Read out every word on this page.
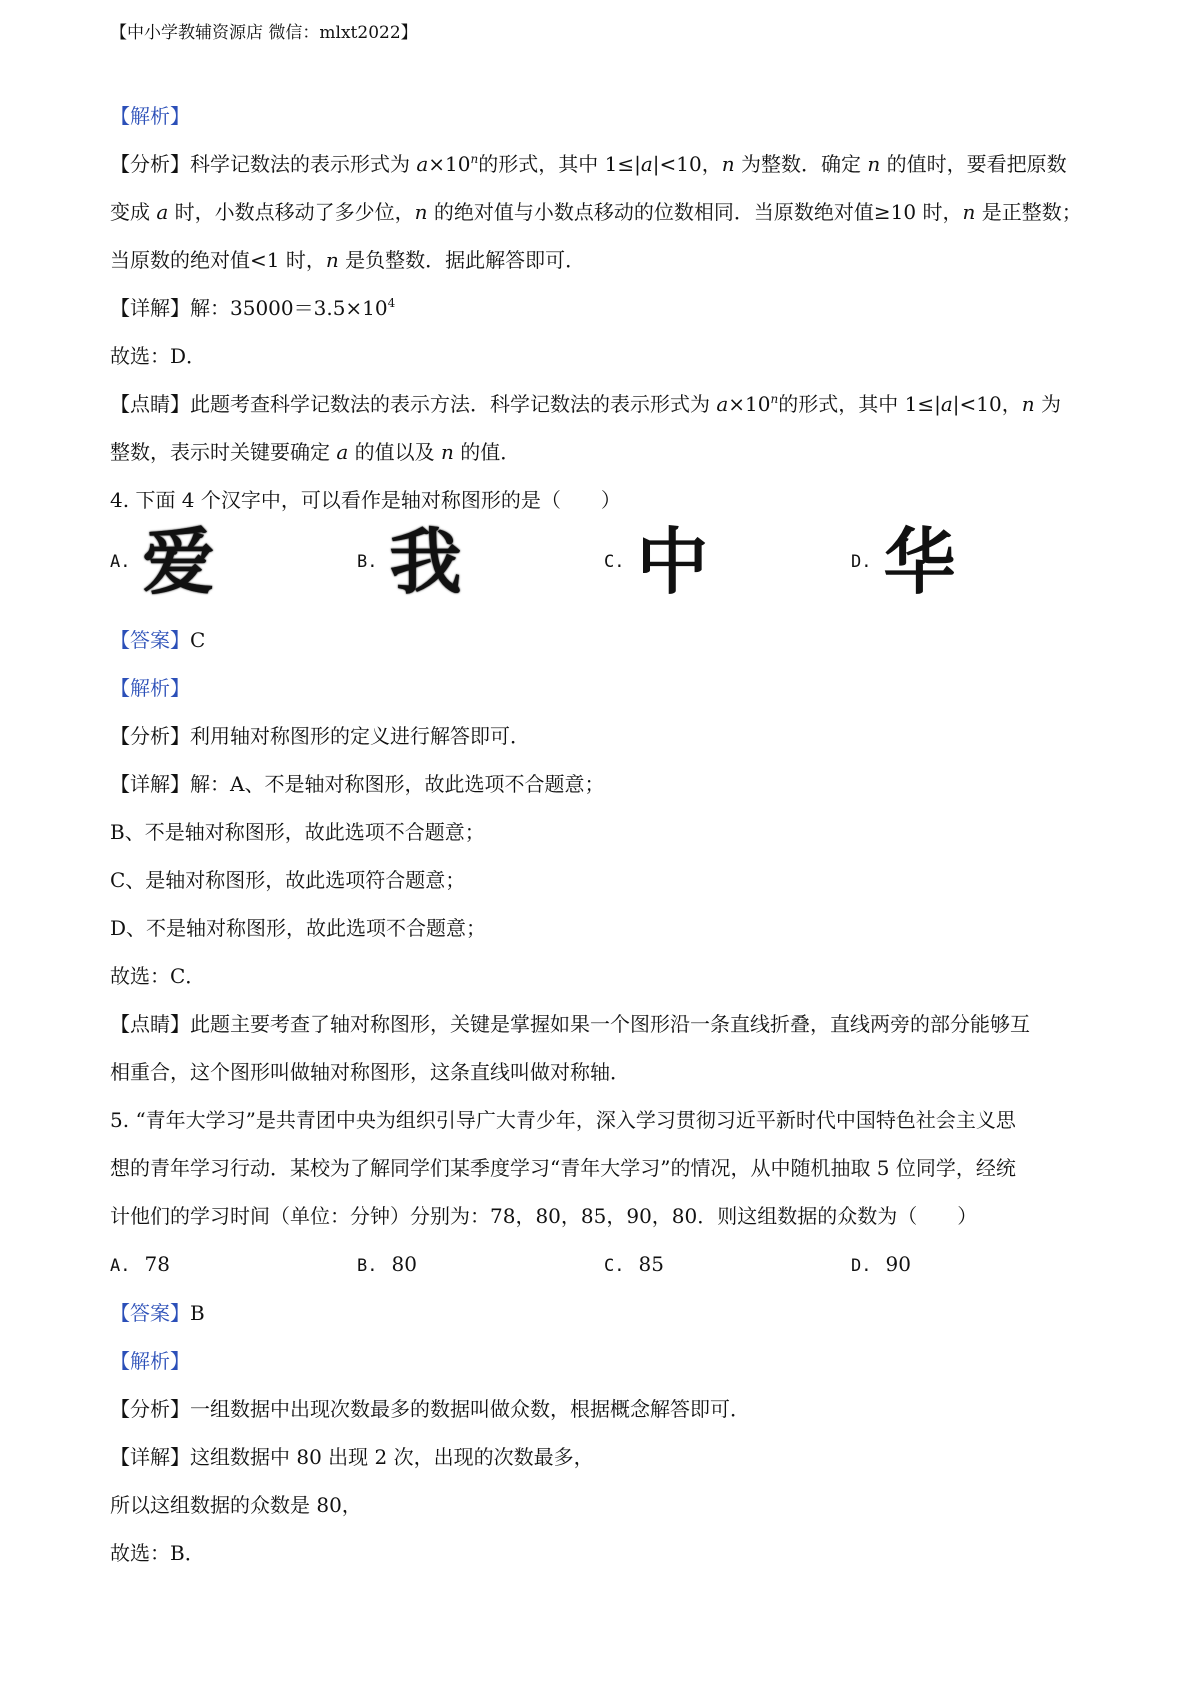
【中小学教辅资源店 微信：mlxt2022】
【解析】
【分析】科学记数法的表示形式为 $a\times 10^n$的形式，其中 1≤|a|<10，n 为整数．确定 n 的值时，要看把原数
变成 a 时，小数点移动了多少位，n 的绝对值与小数点移动的位数相同．当原数绝对值≥10 时，n 是正整数；
当原数的绝对值<1 时，n 是负整数．据此解答即可．
【详解】解：$35000=3.5\times 10^4$
故选：D．
【点睛】此题考查科学记数法的表示方法．科学记数法的表示形式为 $a\times 10^n$的形式，其中 1≤|a|<10，n 为
整数，表示时关键要确定 a 的值以及 n 的值．
4. 下面 4 个汉字中，可以看作是轴对称图形的是（　　）
A. 爱	B. 我	C. 中	D. 华
【答案】C
【解析】
【分析】利用轴对称图形的定义进行解答即可．
【详解】解：A、不是轴对称图形，故此选项不合题意；
B、不是轴对称图形，故此选项不合题意；
C、是轴对称图形，故此选项符合题意；
D、不是轴对称图形，故此选项不合题意；
故选：C．
【点睛】此题主要考查了轴对称图形，关键是掌握如果一个图形沿一条直线折叠，直线两旁的部分能够互
相重合，这个图形叫做轴对称图形，这条直线叫做对称轴．
5. “青年大学习”是共青团中央为组织引导广大青少年，深入学习贯彻习近平新时代中国特色社会主义思
想的青年学习行动．某校为了解同学们某季度学习“青年大学习”的情况，从中随机抽取 5 位同学，经统
计他们的学习时间（单位：分钟）分别为：78，80，85，90，80．则这组数据的众数为（　　）
A. 78	B. 80	C. 85	D. 90
【答案】B
【解析】
【分析】一组数据中出现次数最多的数据叫做众数，根据概念解答即可．
【详解】这组数据中 80 出现 2 次，出现的次数最多，
所以这组数据的众数是 80，
故选：B．
